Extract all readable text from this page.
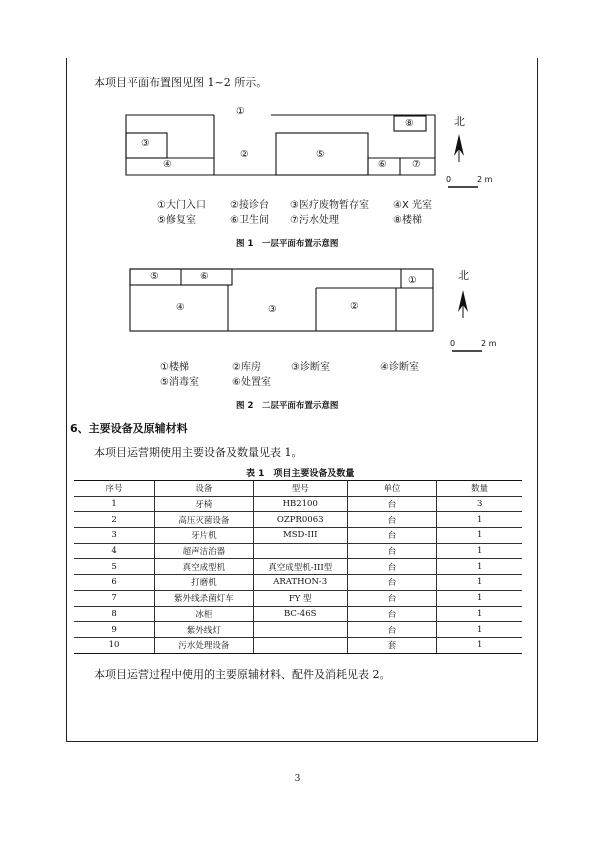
本项目平面布置图见图 1~2 所示。
①
③
④
②	⑤
⑥	⑦
⑧	北
0	2 m
①大门入口 ②接诊台 ③医疗废物暂存室 ④X 光室
⑤修复室	⑥卫生间 ⑦污水处理	⑧楼梯
图 1　一层平面布置示意图
⑤	⑥	①
④	③	②
北
0	2 m
①楼梯	②库房	③诊断室	④诊断室
⑤消毒室	⑥处置室
图 2　二层平面布置示意图
6、主要设备及原辅材料
本项目运营期使用主要设备及数量见表 1。
表 1　项目主要设备及数量
序号	设备	型号	单位	数量
1	牙椅	HB2100	台	3
2	高压灭菌设备	OZPR0063	台	1
3	牙片机	MSD-III	台	1
4	超声洁治器		台	1
5	真空成型机	真空成型机-III型	台	1
6	打磨机	ARATHON-3	台	1
7	紫外线杀菌灯车	FY 型	台	1
8	冰柜	BC-46S	台	1
9	紫外线灯		台	1
10	污水处理设备		套	1
本项目运营过程中使用的主要原辅材料、配件及消耗见表 2。
3
